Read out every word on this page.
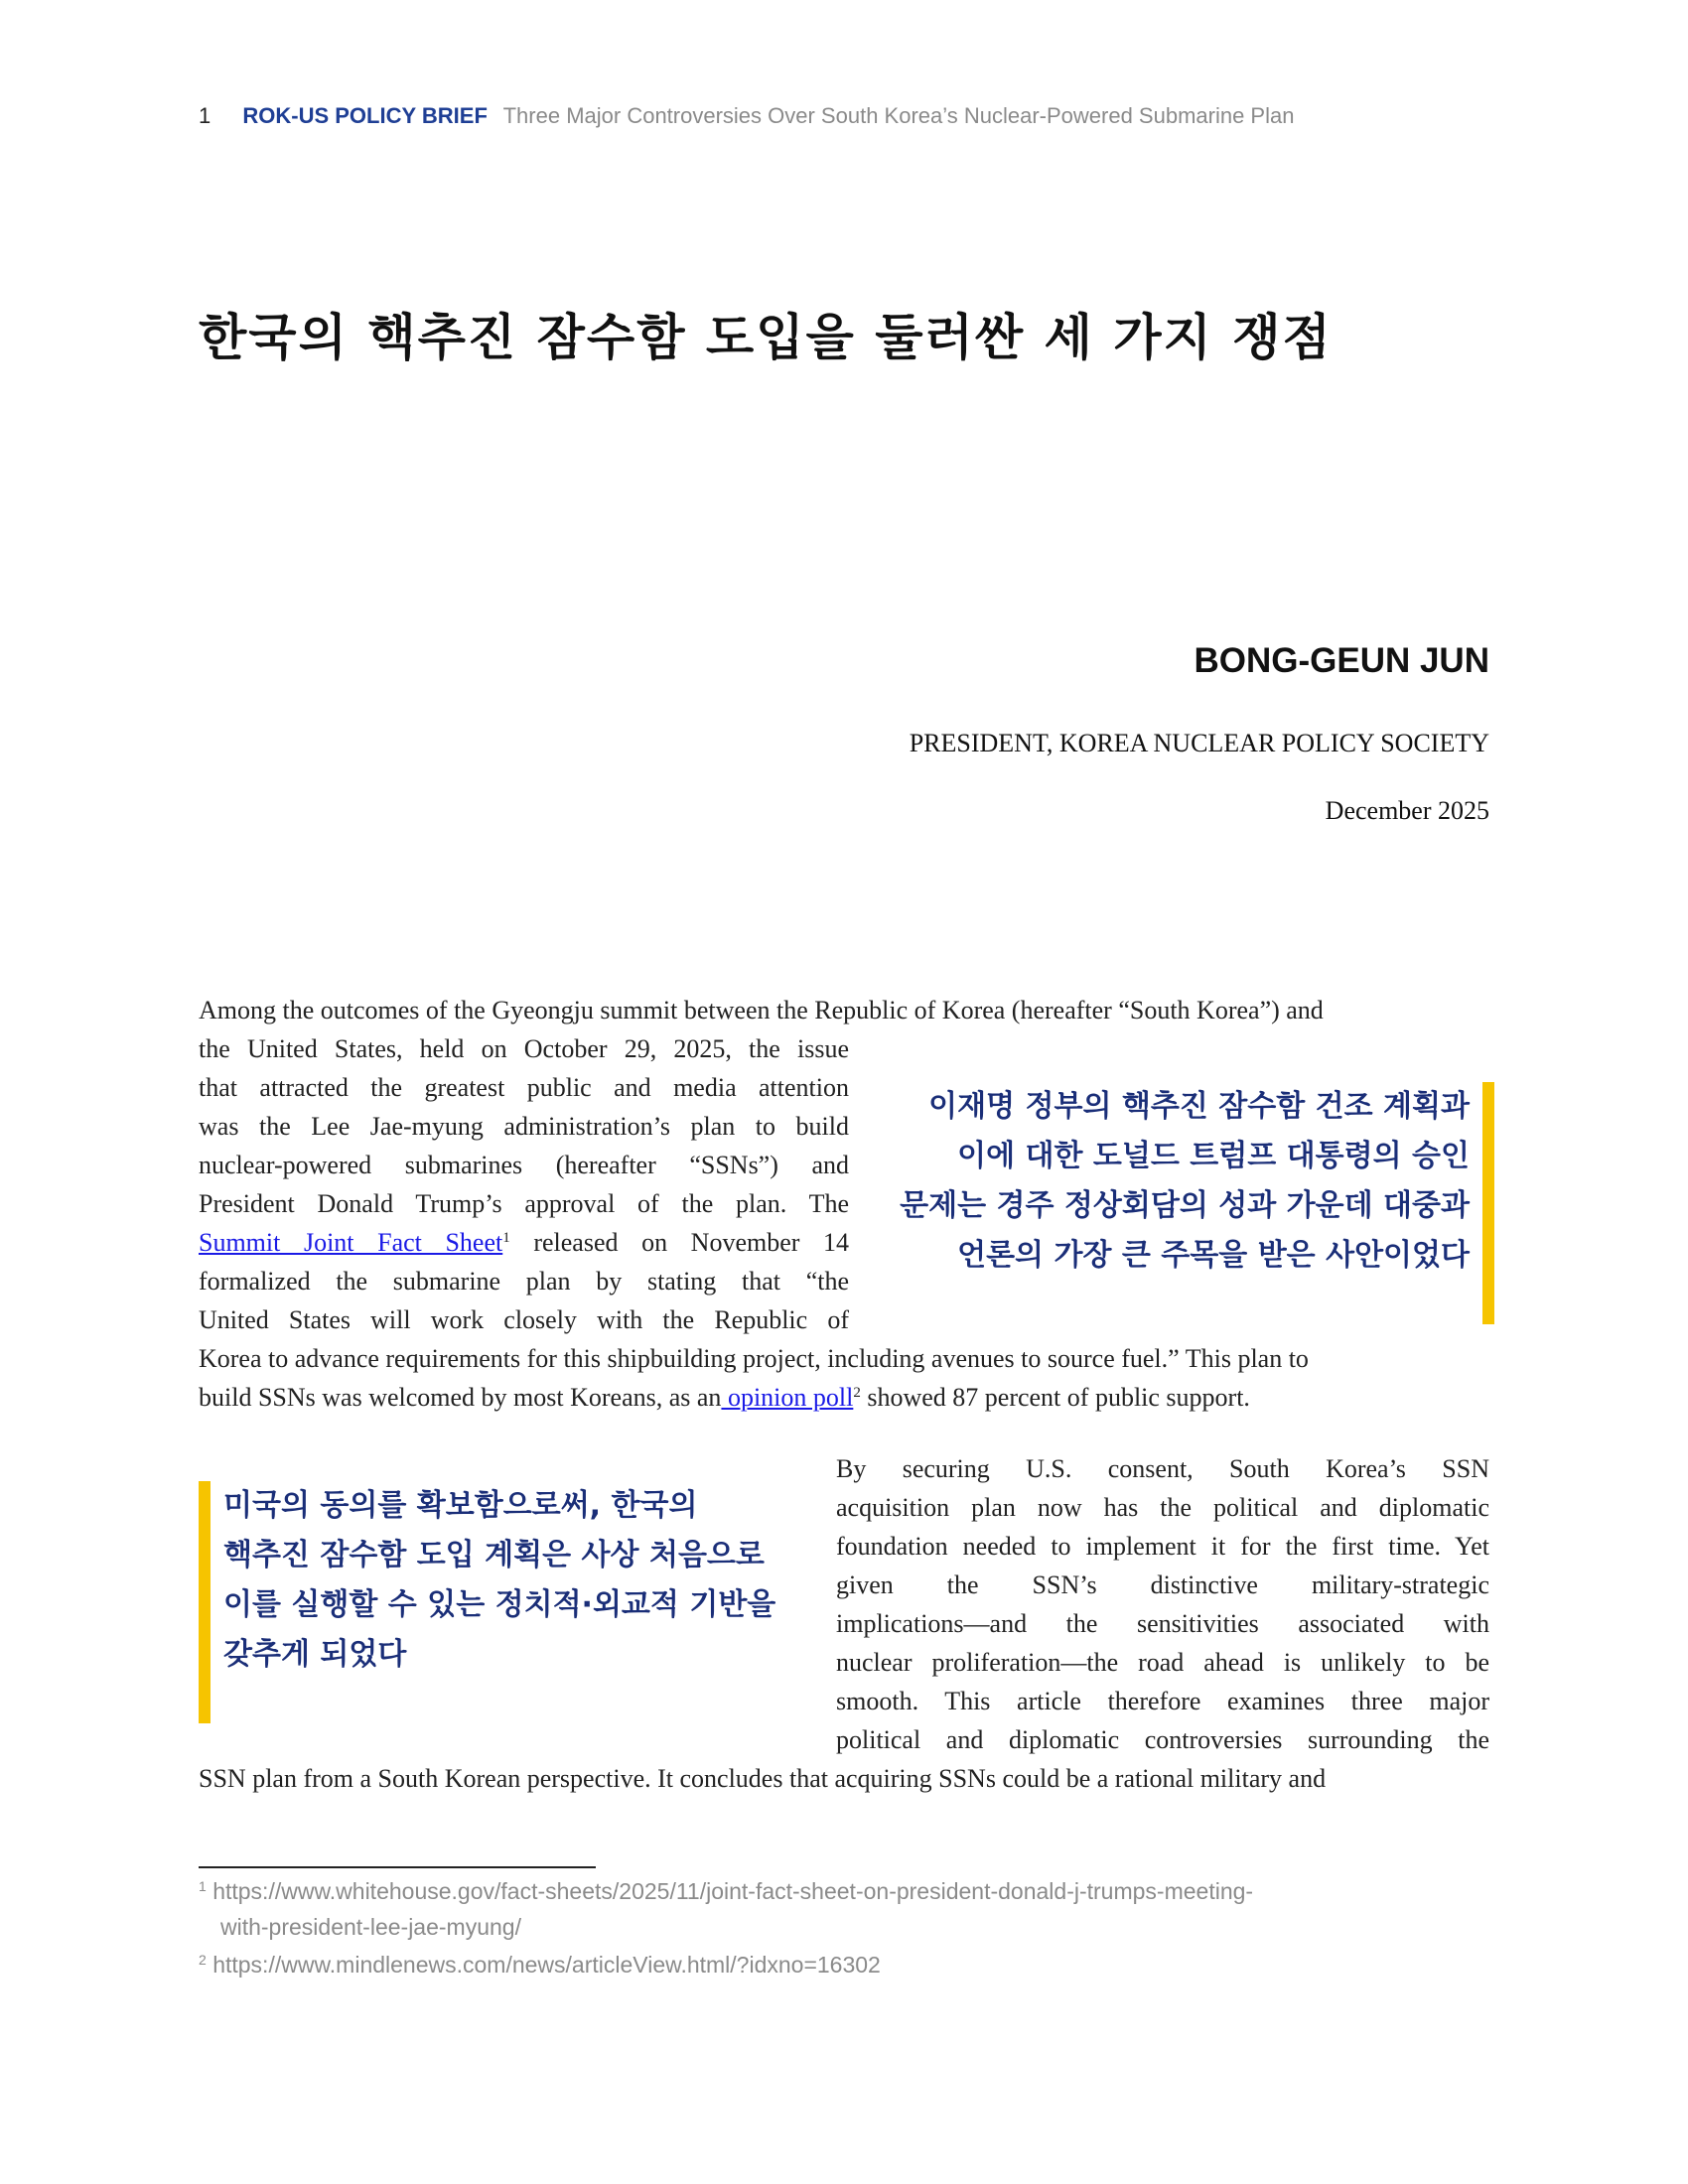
1 ROK-US POLICY BRIEF Three Major Controversies Over South Korea’s Nuclear-Powered Submarine Plan
한국의 핵추진 잠수함 도입을 둘러싼 세 가지 쟁점
BONG-GEUN JUN
PRESIDENT, KOREA NUCLEAR POLICY SOCIETY
December 2025
Among the outcomes of the Gyeongju summit between the Republic of Korea (hereafter “South Korea”) and
the United States, held on October 29, 2025, the issue
that attracted the greatest public and media attention
was the Lee Jae-myung administration’s plan to build
nuclear-powered submarines (hereafter “SSNs”) and
President Donald Trump’s approval of the plan. The
Summit Joint Fact Sheet$^1$ released on November 14
formalized the submarine plan by stating that “the
United States will work closely with the Republic of
Korea to advance requirements for this shipbuilding project, including avenues to source fuel.” This plan to
build SSNs was welcomed by most Koreans, as an opinion poll$^2$ showed 87 percent of public support.
이재명 정부의 핵추진 잠수함 건조 계획과
이에 대한 도널드 트럼프 대통령의 승인
문제는 경주 정상회담의 성과 가운데 대중과
언론의 가장 큰 주목을 받은 사안이었다
미국의 동의를 확보함으로써, 한국의
핵추진 잠수함 도입 계획은 사상 처음으로
이를 실행할 수 있는 정치적·외교적 기반을
갖추게 되었다
By securing U.S. consent, South Korea’s SSN
acquisition plan now has the political and diplomatic
foundation needed to implement it for the first time. Yet
given the SSN’s distinctive military-strategic
implications—and the sensitivities associated with
nuclear proliferation—the road ahead is unlikely to be
smooth. This article therefore examines three major
political and diplomatic controversies surrounding the
SSN plan from a South Korean perspective. It concludes that acquiring SSNs could be a rational military and
$^1$ https://www.whitehouse.gov/fact-sheets/2025/11/joint-fact-sheet-on-president-donald-j-trumps-meeting-
with-president-lee-jae-myung/
$^2$ https://www.mindlenews.com/news/articleView.html/?idxno=16302
